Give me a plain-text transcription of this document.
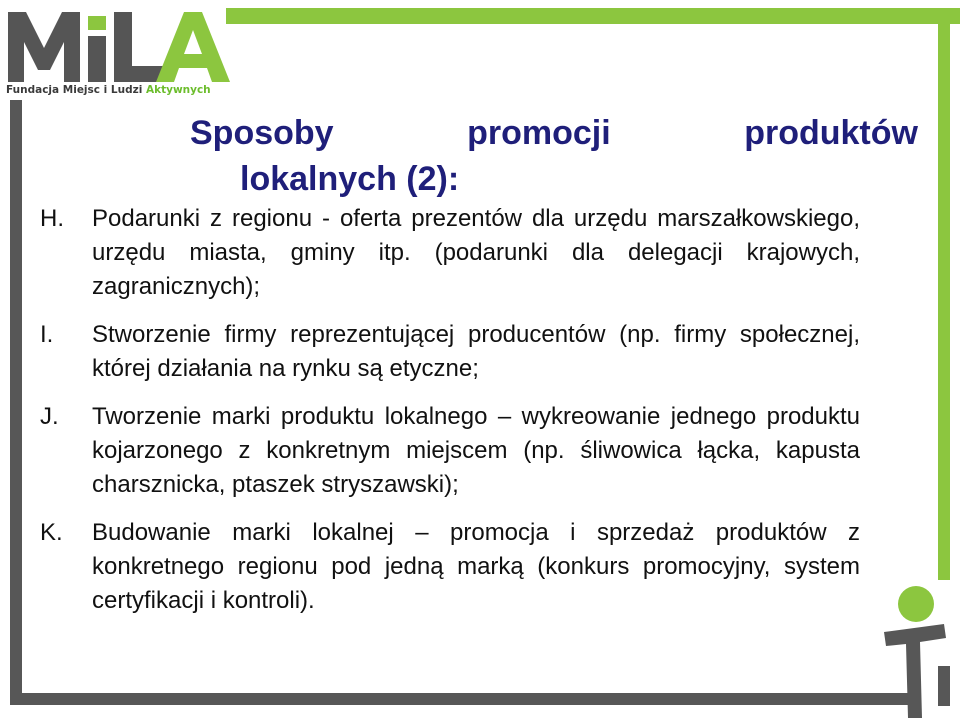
Fundacja Miejsc i Ludzi Aktywnych
Sposoby	promocji	produktów
lokalnych (2):
H.	Podarunki z regionu - oferta prezentów dla urzędu marszałkowskiego, urzędu miasta, gminy itp. (podarunki dla delegacji krajowych, zagranicznych);
I.	Stworzenie firmy reprezentującej producentów (np. firmy społecznej, której działania na rynku są etyczne;
J.	Tworzenie marki produktu lokalnego – wykreowanie jednego produktu kojarzonego z konkretnym miejscem (np. śliwowica łącka, kapusta charsznicka, ptaszek stryszawski);
K.	Budowanie marki lokalnej – promocja i sprzedaż produktów z konkretnego regionu pod jedną marką (konkurs promocyjny, system certyfikacji i kontroli).
